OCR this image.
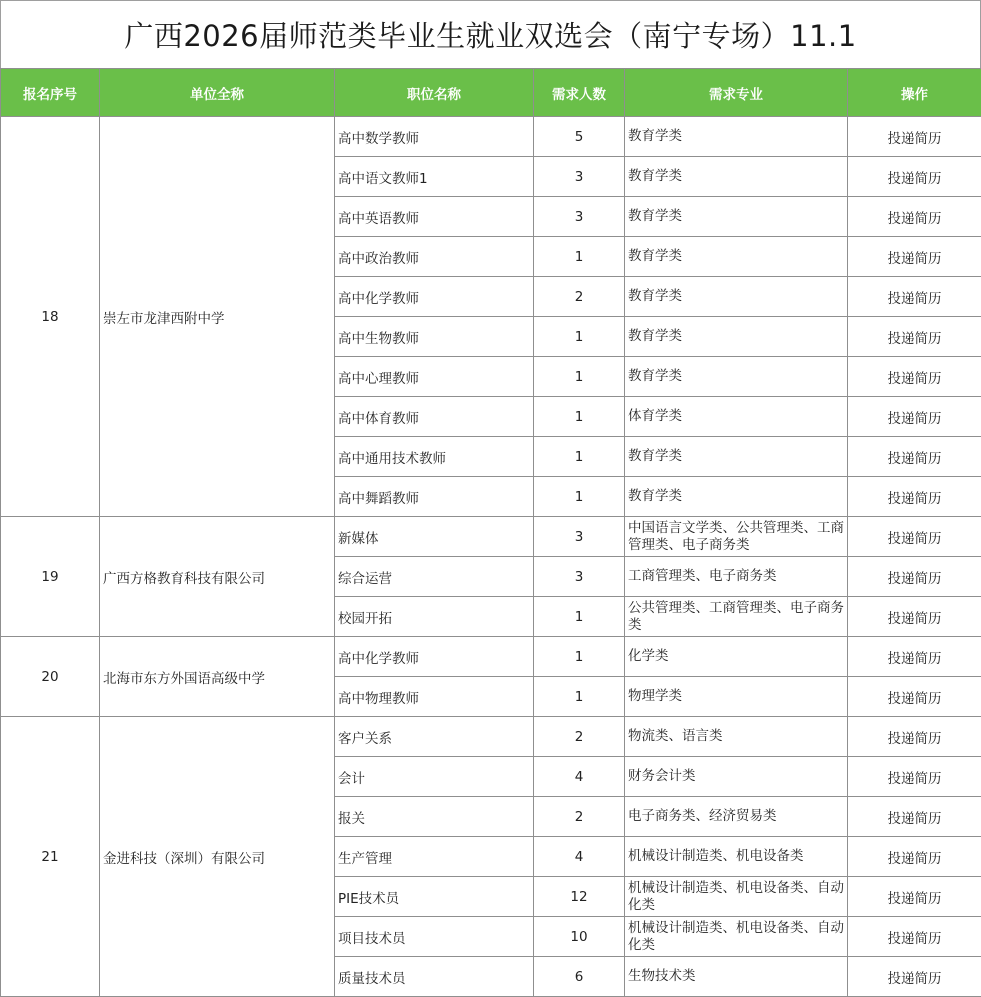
广西2026届师范类毕业生就业双选会（南宁专场）11.1
报名序号	单位全称	职位名称	需求人数	需求专业	操作
18	崇左市龙津西附中学	高中数学教师	5	教育学类	投递简历
		高中语文教师1	3	教育学类	投递简历
		高中英语教师	3	教育学类	投递简历
		高中政治教师	1	教育学类	投递简历
		高中化学教师	2	教育学类	投递简历
		高中生物教师	1	教育学类	投递简历
		高中心理教师	1	教育学类	投递简历
		高中体育教师	1	体育学类	投递简历
		高中通用技术教师	1	教育学类	投递简历
		高中舞蹈教师	1	教育学类	投递简历
19	广西方格教育科技有限公司	新媒体	3	中国语言文学类、公共管理类、工商管理类、电子商务类	投递简历
		综合运营	3	工商管理类、电子商务类	投递简历
		校园开拓	1	公共管理类、工商管理类、电子商务类	投递简历
20	北海市东方外国语高级中学	高中化学教师	1	化学类	投递简历
		高中物理教师	1	物理学类	投递简历
21	金进科技（深圳）有限公司	客户关系	2	物流类、语言类	投递简历
		会计	4	财务会计类	投递简历
		报关	2	电子商务类、经济贸易类	投递简历
		生产管理	4	机械设计制造类、机电设备类	投递简历
		PIE技术员	12	机械设计制造类、机电设备类、自动化类	投递简历
		项目技术员	10	机械设计制造类、机电设备类、自动化类	投递简历
		质量技术员	6	生物技术类	投递简历
